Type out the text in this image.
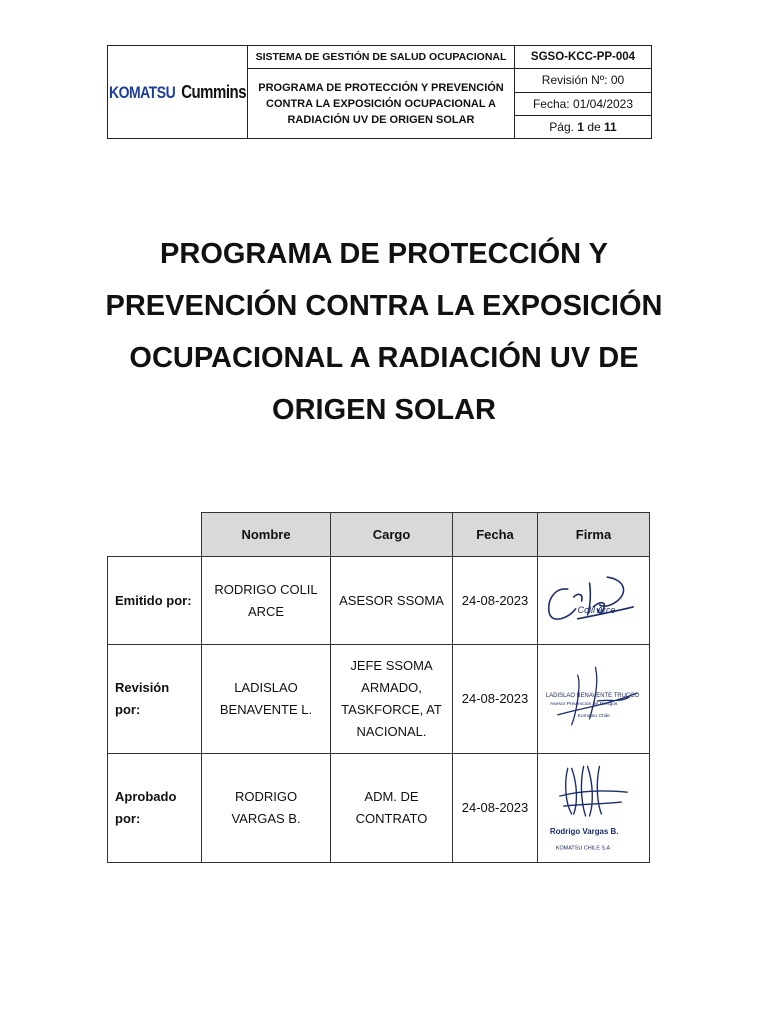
KOMATSU Cummins	SISTEMA DE GESTIÓN DE SALUD OCUPACIONAL	SGSO-KCC-PP-004
	PROGRAMA DE PROTECCIÓN Y PREVENCIÓN CONTRA LA EXPOSICIÓN OCUPACIONAL A RADIACIÓN UV DE ORIGEN SOLAR	Revisión Nº: 00
		Fecha: 01/04/2023
		Pág. 1 de 11
PROGRAMA DE PROTECCIÓN Y PREVENCIÓN CONTRA LA EXPOSICIÓN OCUPACIONAL A RADIACIÓN UV DE ORIGEN SOLAR
	Nombre	Cargo	Fecha	Firma
Emitido por:	RODRIGO COLIL ARCE	ASESOR SSOMA	24-08-2023	Colil Arce

Revisión por:	LADISLAO BENAVENTE L.	JEFE SSOMA ARMADO, TASKFORCE, AT NACIONAL.	24-08-2023	LADISLAO BENAVENTE TRUCCO
Asesor Prevención de Riesgos
Komatsu Chile

Aprobado por:	RODRIGO VARGAS B.	ADM. DE CONTRATO	24-08-2023	Rodrigo Vargas B.
KOMATSU CHILE S.A
